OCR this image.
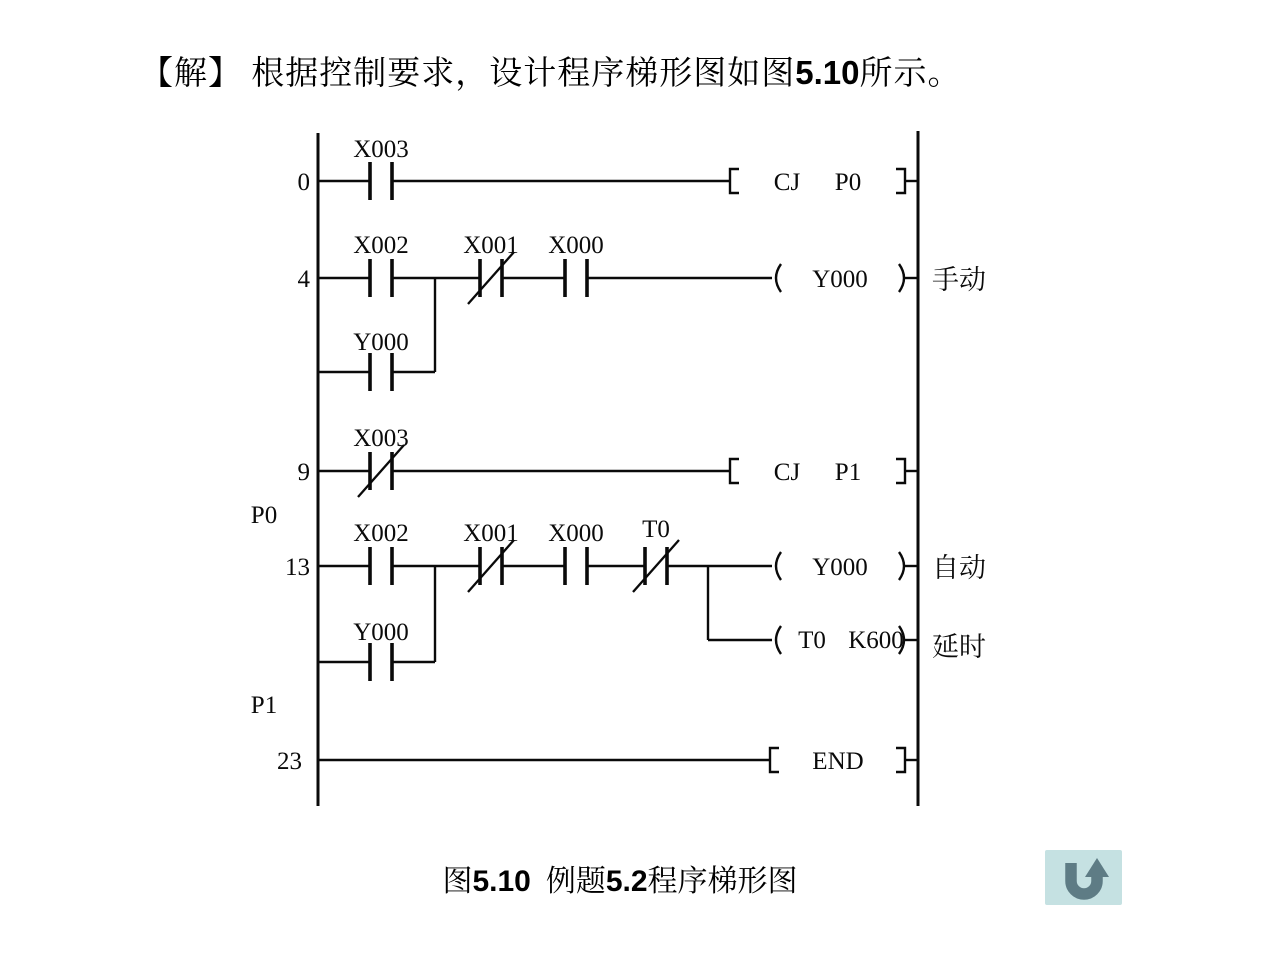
【解】 根据控制要求，设计程序梯形图如图5.10所示。
0
X003
CJ P0
4
X002 X001 X000
Y000
Y000
手动
9
X003
CJ P1
P0
13
X002 X001 X000 T0
Y000 自动
T0 K600 延时
Y000
P1
23	END
图5.10  例题5.2程序梯形图
